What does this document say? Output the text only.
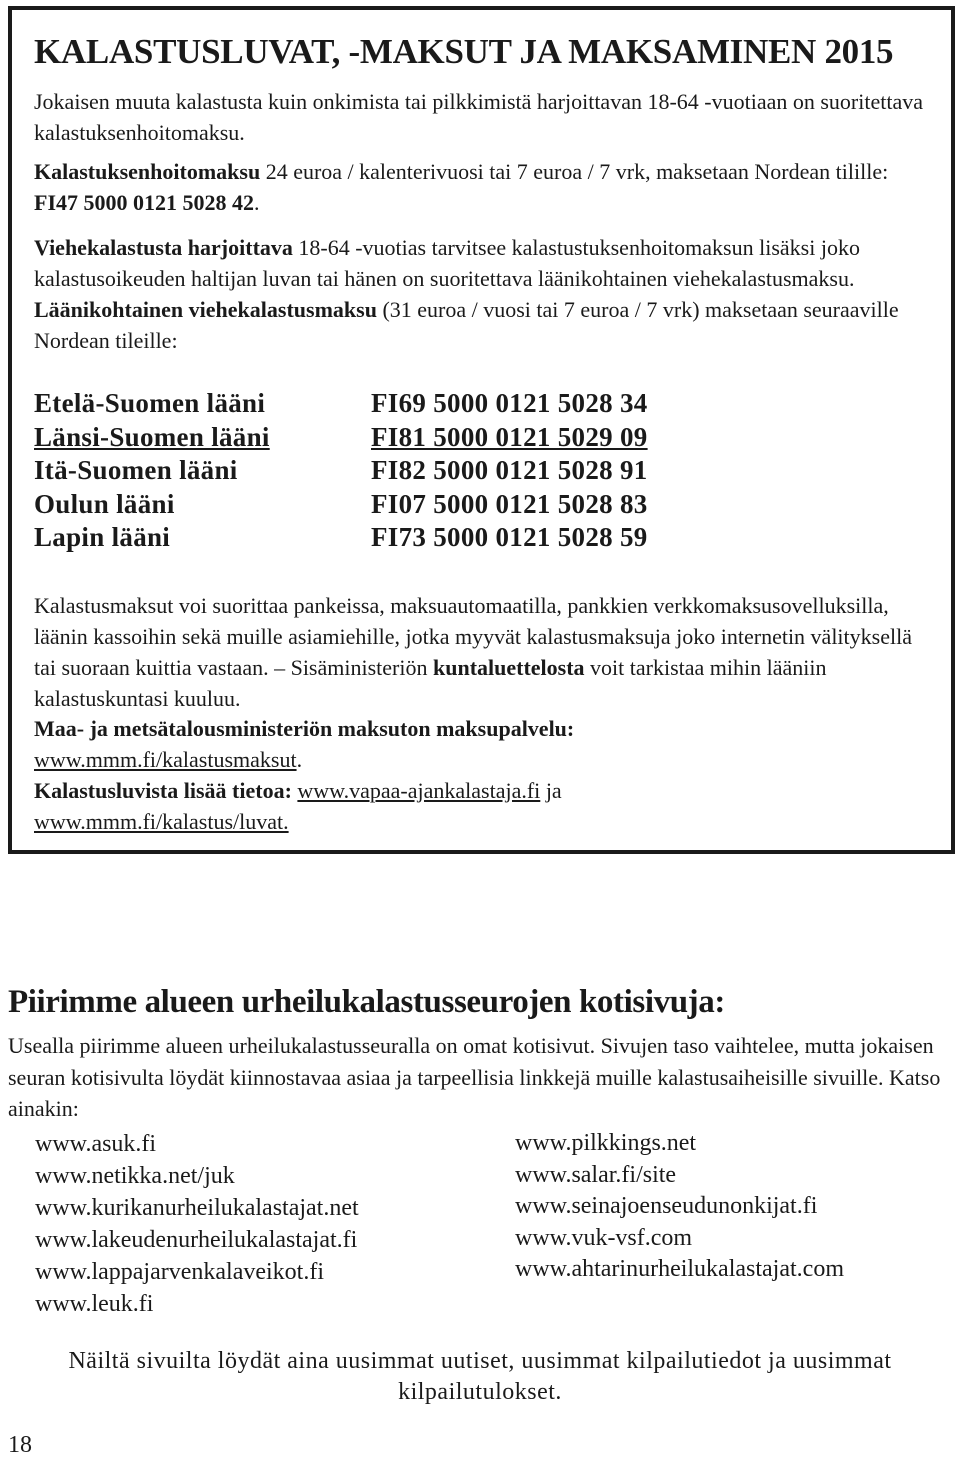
KALASTUSLUVAT, -MAKSUT JA MAKSAMINEN 2015

Jokaisen muuta kalastusta kuin onkimista tai pilkkimistä harjoittavan 18-64 -vuotiaan on suoritettava kalastuksenhoitomaksu.

Kalastuksenhoitomaksu 24 euroa / kalenterivuosi tai 7 euroa / 7 vrk, maksetaan Nordean tilille: FI47 5000 0121 5028 42.

Viehekalastusta harjoittava 18-64 -vuotias tarvitsee kalastustuksenhoitomaksun lisäksi joko kalastusoikeuden haltijan luvan tai hänen on suoritettava läänikohtainen viehekalastusmaksu. Läänikohtainen viehekalastusmaksu (31 euroa / vuosi tai 7 euroa / 7 vrk) maksetaan seuraaville Nordean tileille:

Etelä-Suomen lääni	FI69 5000 0121 5028 34
Länsi-Suomen lääni	FI81 5000 0121 5029 09
Itä-Suomen lääni	FI82 5000 0121 5028 91
Oulun lääni	FI07 5000 0121 5028 83
Lapin lääni	FI73 5000 0121 5028 59

Kalastusmaksut voi suorittaa pankeissa, maksuautomaatilla, pankkien verkkomaksusovelluksilla, läänin kassoihin sekä muille asiamiehille, jotka myyvät kalastusmaksuja joko internetin välityksellä tai suoraan kuittia vastaan. – Sisäministeriön kuntaluettelosta voit tarkistaa mihin lääniin kalastuskuntasi kuuluu.

Maa- ja metsätalousministeriön maksuton maksupalvelu:
www.mmm.fi/kalastusmaksut.
Kalastusluvista lisää tietoa: www.vapaa-ajankalastaja.fi ja
www.mmm.fi/kalastus/luvat.

Piirimme alueen urheilukalastusseurojen kotisivuja:

Usealla piirimme alueen urheilukalastusseuralla on omat kotisivut. Sivujen taso vaihtelee, mutta jokaisen seuran kotisivulta löydät kiinnostavaa asiaa ja tarpeellisia linkkejä muille kalastusaiheisille sivuille. Katso ainakin:

www.asuk.fi
www.netikka.net/juk
www.kurikanurheilukalastajat.net
www.lakeudenurheilukalastajat.fi
www.lappajarvenkalaveikot.fi
www.leuk.fi
www.pilkkings.net
www.salar.fi/site
www.seinajoenseudunonkijat.fi
www.vuk-vsf.com
www.ahtarinurheilukalastajat.com
Näiltä sivuilta löydät aina uusimmat uutiset, uusimmat kilpailutiedot ja uusimmat kilpailutulokset.
18
